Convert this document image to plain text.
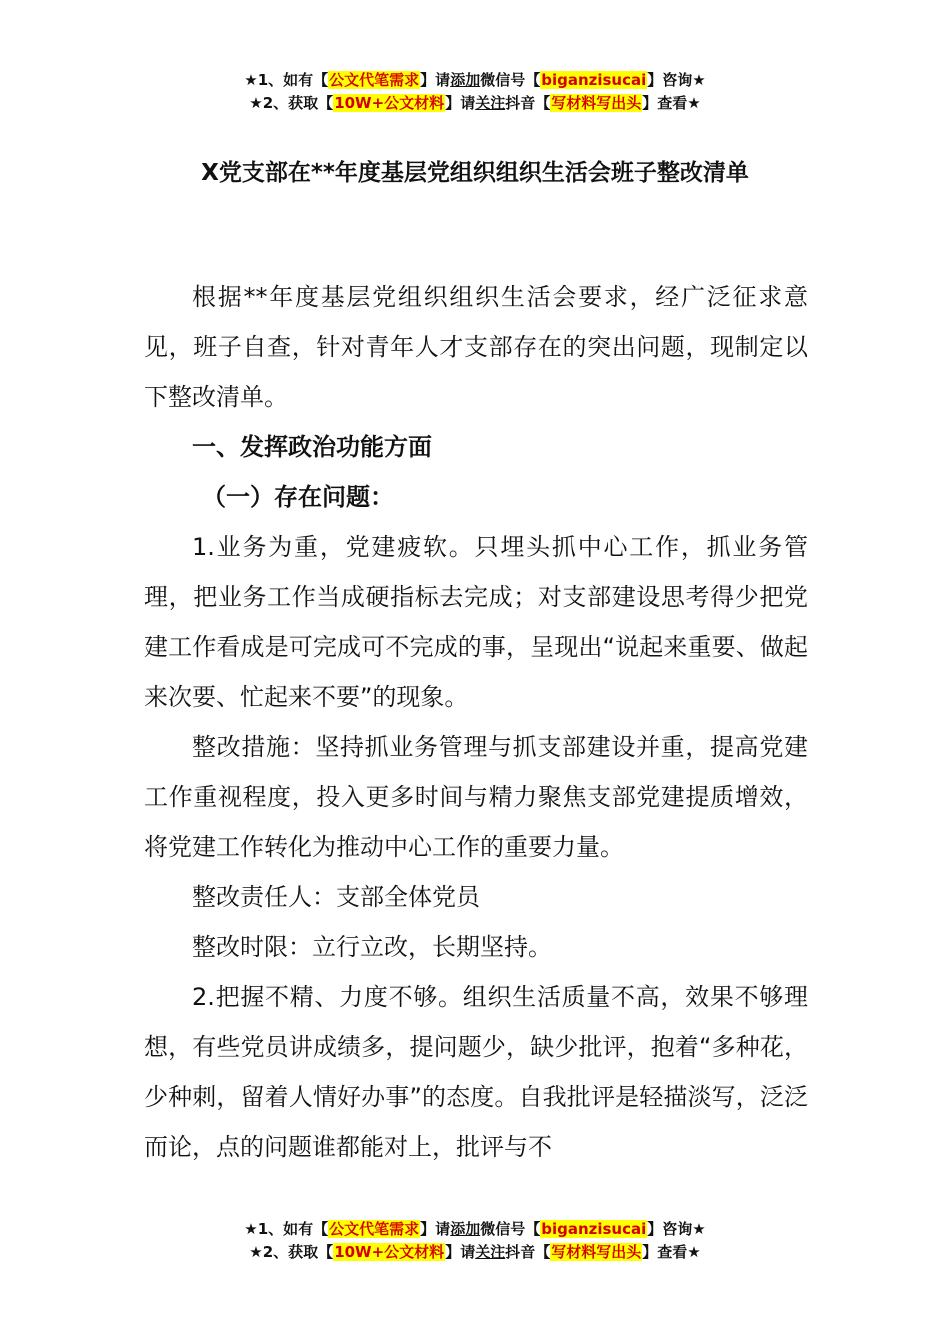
★1、如有【公文代笔需求】请添加微信号【biganzisucai】咨询★
★2、获取【10W+公文材料】请关注抖音【写材料写出头】查看★
X党支部在**年度基层党组织组织生活会班子整改清单

根据**年度基层党组织组织生活会要求，经广泛征求意见，班子自查，针对青年人才支部存在的突出问题，现制定以下整改清单。

一、发挥政治功能方面

（一）存在问题：

1.业务为重，党建疲软。只埋头抓中心工作，抓业务管理，把业务工作当成硬指标去完成；对支部建设思考得少把党建工作看成是可完成可不完成的事，呈现出“说起来重要、做起来次要、忙起来不要”的现象。

整改措施：坚持抓业务管理与抓支部建设并重，提高党建工作重视程度，投入更多时间与精力聚焦支部党建提质增效，将党建工作转化为推动中心工作的重要力量。

整改责任人：支部全体党员

整改时限：立行立改，长期坚持。

2.把握不精、力度不够。组织生活质量不高，效果不够理想，有些党员讲成绩多，提问题少，缺少批评，抱着“多种花，少种刺，留着人情好办事”的态度。自我批评是轻描淡写，泛泛而论，点的问题谁都能对上，批评与不

★1、如有【公文代笔需求】请添加微信号【biganzisucai】咨询★
★2、获取【10W+公文材料】请关注抖音【写材料写出头】查看★
